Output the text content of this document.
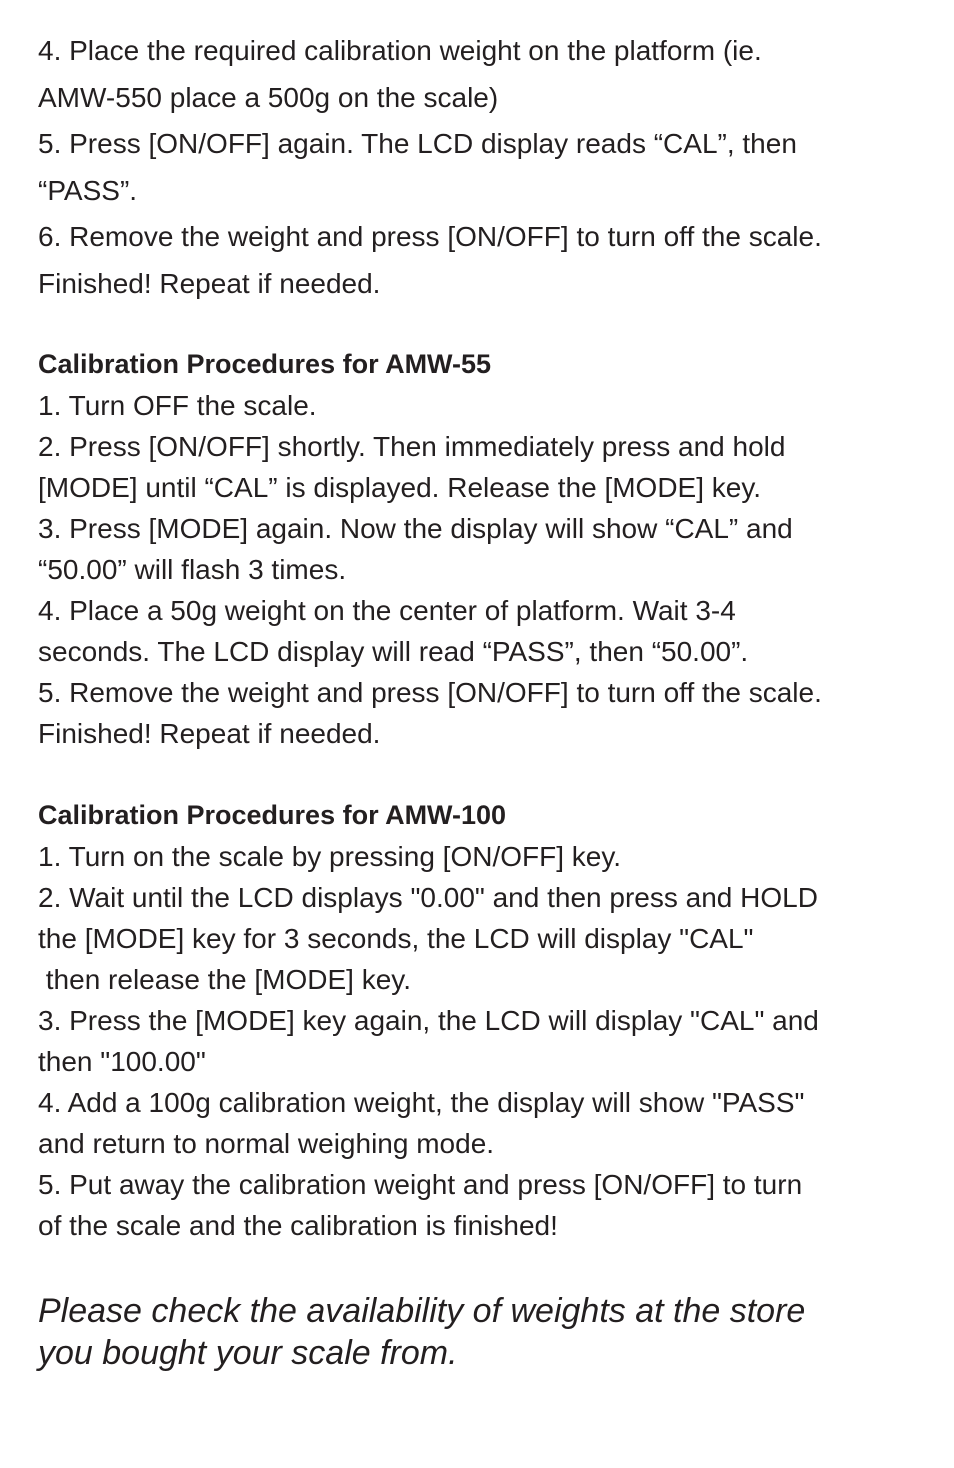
4. Place the required calibration weight on the platform (ie.
AMW-550 place a 500g on the scale)
5. Press [ON/OFF] again. The LCD display reads “CAL”, then
“PASS”.
6. Remove the weight and press [ON/OFF] to turn off the scale.
Finished! Repeat if needed.
Calibration Procedures for AMW-55
1. Turn OFF the scale.
2. Press [ON/OFF] shortly. Then immediately press and hold
[MODE] until “CAL” is displayed. Release the [MODE] key.
3. Press [MODE] again. Now the display will show “CAL” and
“50.00” will flash 3 times.
4. Place a 50g weight on the center of platform. Wait 3-4
seconds. The LCD display will read “PASS”, then “50.00”.
5. Remove the weight and press [ON/OFF] to turn off the scale.
Finished! Repeat if needed.
Calibration Procedures for AMW-100
1. Turn on the scale by pressing [ON/OFF] key.
2. Wait until the LCD displays "0.00" and then press and HOLD
the [MODE] key for 3 seconds, the LCD will display "CAL"
then release the [MODE] key.
3. Press the [MODE] key again, the LCD will display "CAL" and
then "100.00"
4. Add a 100g calibration weight, the display will show "PASS"
and return to normal weighing mode.
5. Put away the calibration weight and press [ON/OFF] to turn
of the scale and the calibration is finished!
Please check the availability of weights at the store
you bought your scale from.
